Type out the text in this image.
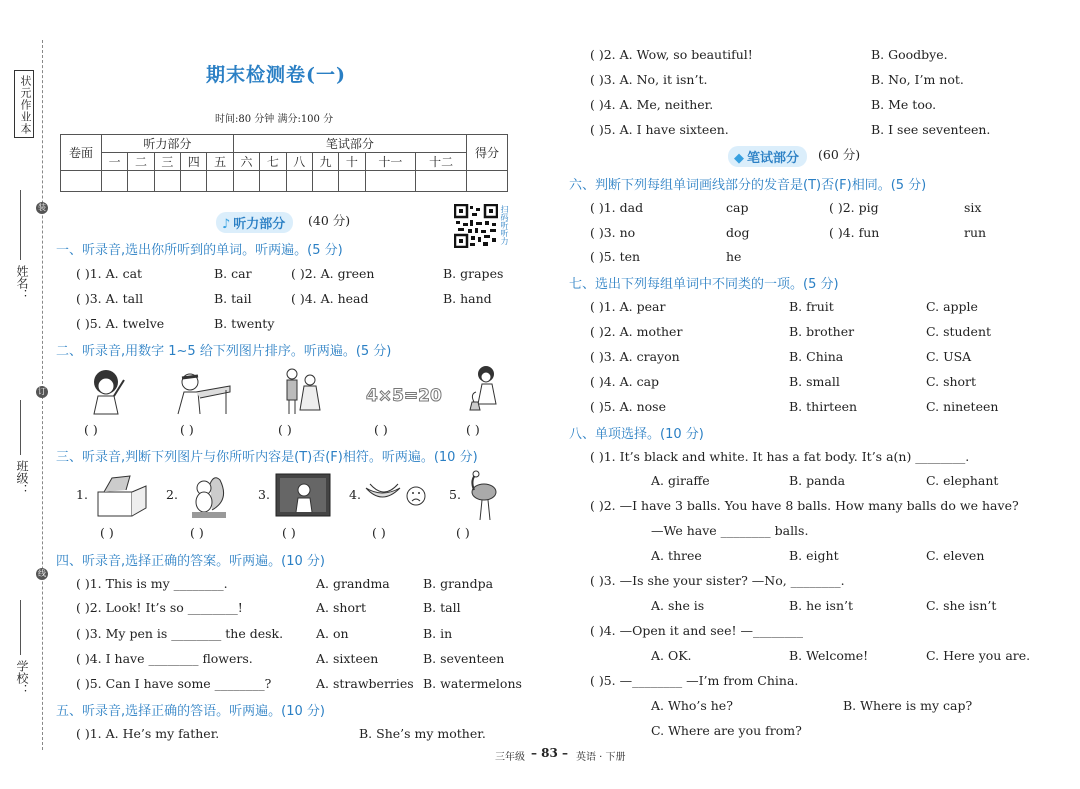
状元作业本
姓名：
班级：
学校：
装
订
线
期末检测卷(一)
时间:80 分钟 满分:100 分
卷面	听力部分					笔试部分							得分
	一	二	三	四	五	六	七	八	九	十	十一	十二	

扫码听听力
♪ 听力部分	(40 分)
一、听录音,选出你所听到的单词。听两遍。(5 分)
( )1. A. cat	B. car	( )2. A. green	B. grapes
( )3. A. tall	B. tail	( )4. A. head	B. hand
( )5. A. twelve	B. twenty
二、听录音,用数字 1~5 给下列图片排序。听两遍。(5 分)
4×5=20
( )	( )	( )	( )	( )
三、听录音,判断下列图片与你所听内容是(T)否(F)相符。听两遍。(10 分)
1.	2.	3.	4.	5.
( )	( )	( )	( )	( )
四、听录音,选择正确的答案。听两遍。(10 分)
( )1. This is my ________.	A. grandma	B. grandpa
( )2. Look! It’s so ________!	A. short	B. tall
( )3. My pen is ________ the desk.	A. on	B. in
( )4. I have ________ flowers.	A. sixteen	B. seventeen
( )5. Can I have some ________?	A. strawberries B. watermelons
五、听录音,选择正确的答语。听两遍。(10 分)
( )1. A. He’s my father.	B. She’s my mother.
( )2. A. Wow, so beautiful!	B. Goodbye.
( )3. A. No, it isn’t.	B. No, I’m not.
( )4. A. Me, neither.	B. Me too.
( )5. A. I have sixteen.	B. I see seventeen.
◆ 笔试部分	(60 分)
六、判断下列每组单词画线部分的发音是(T)否(F)相同。(5 分)
( )1. dad	cap	( )2. pig	six
( )3. no	dog	( )4. fun	run
( )5. ten	he
七、选出下列每组单词中不同类的一项。(5 分)
( )1. A. pear	B. fruit	C. apple
( )2. A. mother	B. brother	C. student
( )3. A. crayon	B. China	C. USA
( )4. A. cap	B. small	C. short
( )5. A. nose	B. thirteen	C. nineteen
八、单项选择。(10 分)
( )1. It’s black and white. It has a fat body. It’s a(n) ________.
A. giraffe	B. panda	C. elephant
( )2. —I have 3 balls. You have 8 balls. How many balls do we have?
—We have ________ balls.
A. three	B. eight	C. eleven
( )3. —Is she your sister? —No, ________.
A. she is	B. he isn’t	C. she isn’t
( )4. —Open it and see! —________
A. OK.	B. Welcome!	C. Here you are.
( )5. —________ —I’m from China.
A. Who’s he?	B. Where is my cap?
C. Where are you from?
三年级 – 83 – 英语 · 下册
